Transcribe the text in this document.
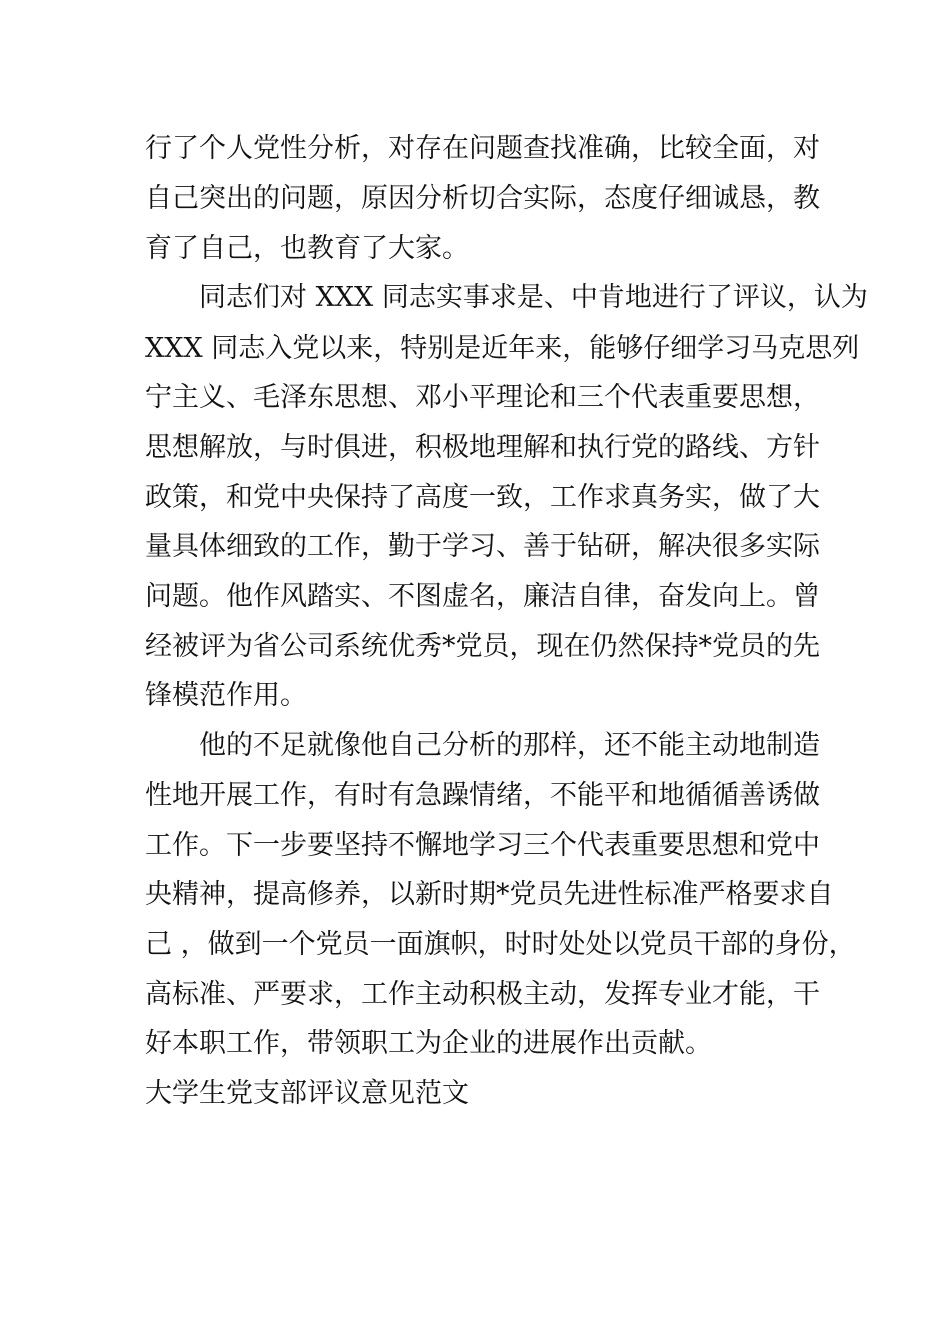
行了个人党性分析，对存在问题查找准确，比较全面，对

自己突出的问题，原因分析切合实际，态度仔细诚恳，教

育了自己，也教育了大家。

同志们对 XXX 同志实事求是、中肯地进行了评议，认为

XXX 同志入党以来，特别是近年来，能够仔细学习马克思列

宁主义、毛泽东思想、邓小平理论和三个代表重要思想，

思想解放，与时俱进，积极地理解和执行党的路线、方针

政策，和党中央保持了高度一致，工作求真务实，做了大

量具体细致的工作，勤于学习、善于钻研，解决很多实际

问题。他作风踏实、不图虚名，廉洁自律，奋发向上。曾

经被评为省公司系统优秀*党员，现在仍然保持*党员的先

锋模范作用。

他的不足就像他自己分析的那样，还不能主动地制造

性地开展工作，有时有急躁情绪，不能平和地循循善诱做

工作。下一步要坚持不懈地学习三个代表重要思想和党中

央精神，提高修养，以新时期*党员先进性标准严格要求自

己 ，做到一个党员一面旗帜，时时处处以党员干部的身份，

高标准、严要求，工作主动积极主动，发挥专业才能，干

好本职工作，带领职工为企业的进展作出贡献。

大学生党支部评议意见范文
